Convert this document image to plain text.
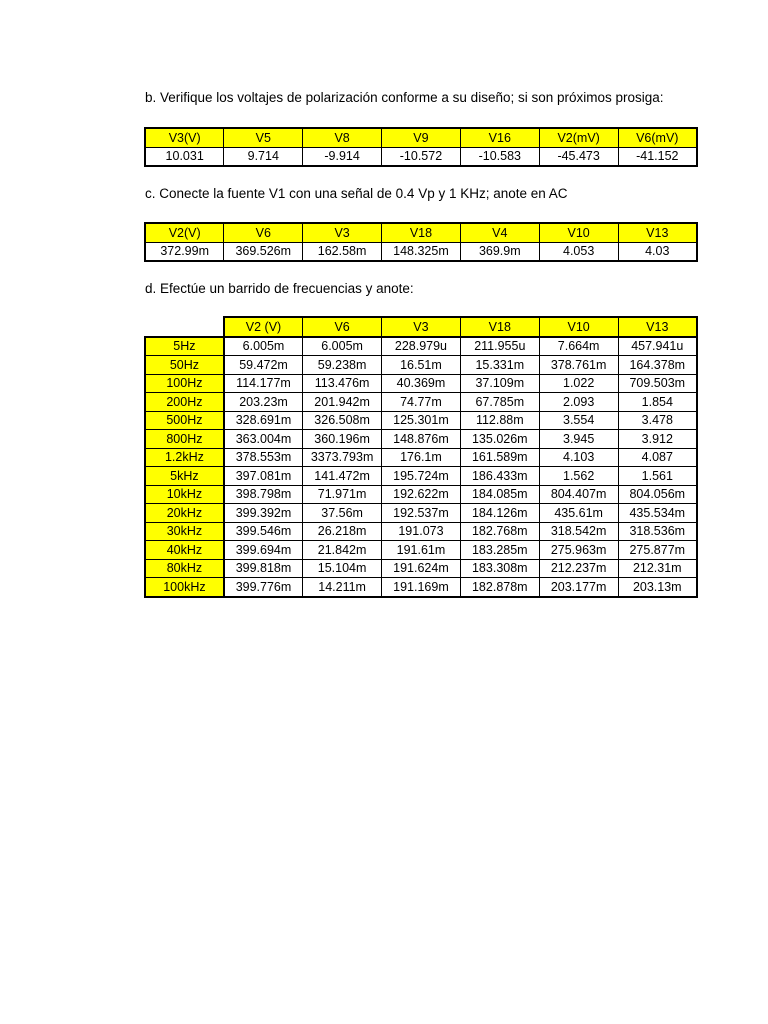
b. Verifique los voltajes de polarización conforme a su diseño; si son próximos prosiga:
V3(V)	V5	V8	V9	V16	V2(mV)	V6(mV)
10.031	9.714	-9.914	-10.572	-10.583	-45.473	-41.152
c. Conecte la fuente V1 con una señal de 0.4 Vp y 1 KHz; anote en AC
V2(V)	V6	V3	V18	V4	V10	V13
372.99m	369.526m	162.58m	148.325m	369.9m	4.053	4.03
d. Efectúe un barrido de frecuencias y anote:
	V2 (V)	V6	V3	V18	V10	V13
5Hz	6.005m	6.005m	228.979u	211.955u	7.664m	457.941u
50Hz	59.472m	59.238m	16.51m	15.331m	378.761m	164.378m
100Hz	114.177m	113.476m	40.369m	37.109m	1.022	709.503m
200Hz	203.23m	201.942m	74.77m	67.785m	2.093	1.854
500Hz	328.691m	326.508m	125.301m	112.88m	3.554	3.478
800Hz	363.004m	360.196m	148.876m	135.026m	3.945	3.912
1.2kHz	378.553m	3373.793m	176.1m	161.589m	4.103	4.087
5kHz	397.081m	141.472m	195.724m	186.433m	1.562	1.561
10kHz	398.798m	71.971m	192.622m	184.085m	804.407m	804.056m
20kHz	399.392m	37.56m	192.537m	184.126m	435.61m	435.534m
30kHz	399.546m	26.218m	191.073	182.768m	318.542m	318.536m
40kHz	399.694m	21.842m	191.61m	183.285m	275.963m	275.877m
80kHz	399.818m	15.104m	191.624m	183.308m	212.237m	212.31m
100kHz	399.776m	14.211m	191.169m	182.878m	203.177m	203.13m
